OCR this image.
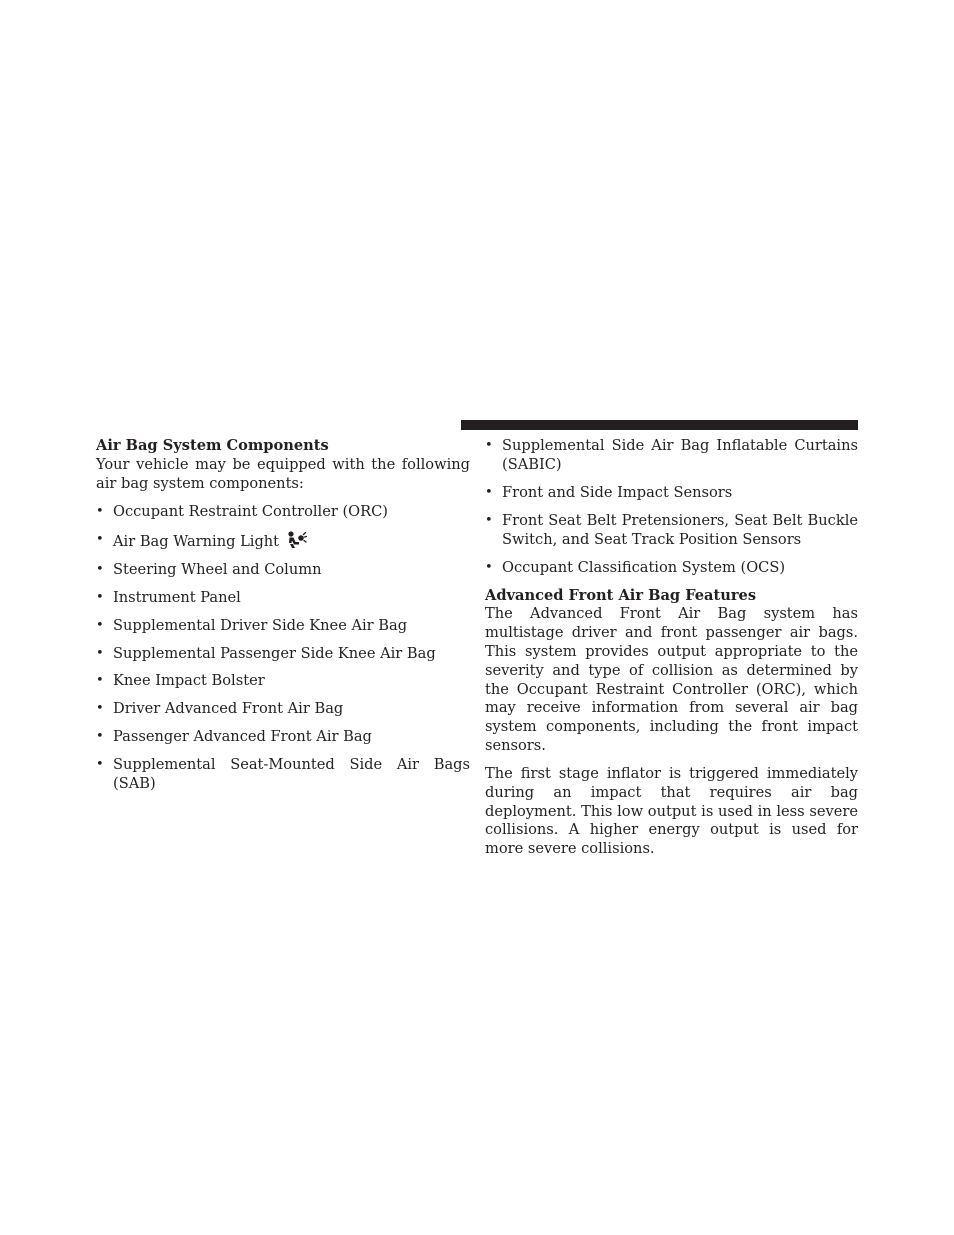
Air Bag System Components

Your vehicle may be equipped with the following air bag system components:

• Occupant Restraint Controller (ORC)
• Air Bag Warning Light
• Steering Wheel and Column
• Instrument Panel
• Supplemental Driver Side Knee Air Bag
• Supplemental Passenger Side Knee Air Bag
• Knee Impact Bolster
• Driver Advanced Front Air Bag
• Passenger Advanced Front Air Bag
• Supplemental Seat-Mounted Side Air Bags (SAB)
• Supplemental Side Air Bag Inflatable Curtains (SABIC)
• Front and Side Impact Sensors
• Front Seat Belt Pretensioners, Seat Belt Buckle Switch, and Seat Track Position Sensors
• Occupant Classification System (OCS)
Advanced Front Air Bag Features

The Advanced Front Air Bag system has multistage driver and front passenger air bags. This system provides output appropriate to the severity and type of collision as determined by the Occupant Restraint Controller (ORC), which may receive information from several air bag system components, including the front impact sensors.

The first stage inflator is triggered immediately during an impact that requires air bag deployment. This low output is used in less severe collisions. A higher energy output is used for more severe collisions.
